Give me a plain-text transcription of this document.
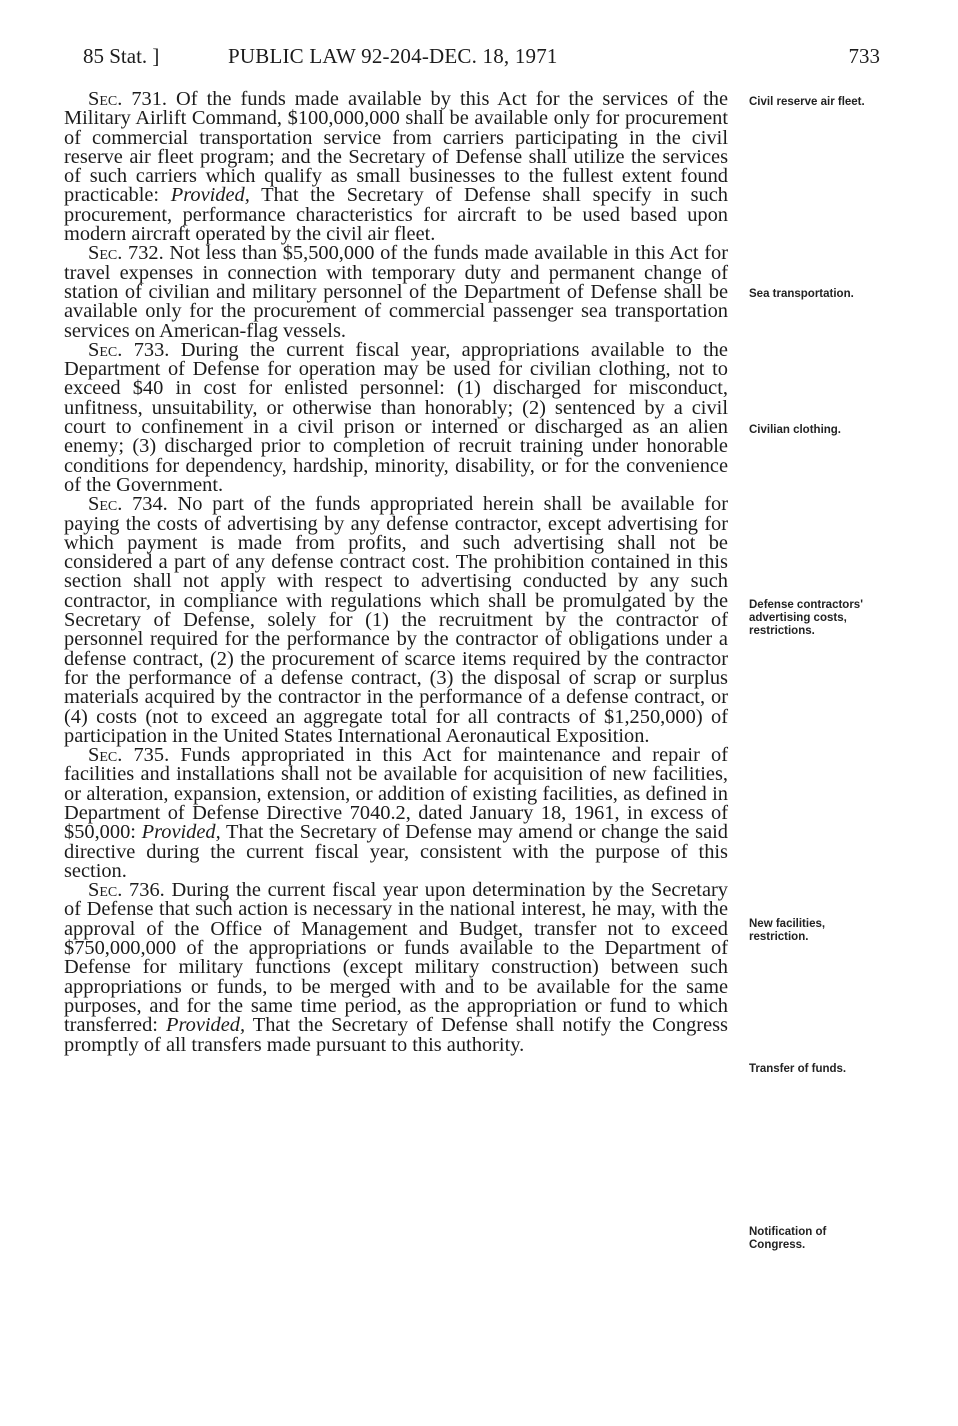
85 Stat. ]	PUBLIC LAW 92-204-DEC. 18, 1971	733

Sec. 731. Of the funds made available by this Act for the services of the Military Airlift Command, $100,000,000 shall be available only for procurement of commercial transportation service from carriers participating in the civil reserve air fleet program; and the Secretary of Defense shall utilize the services of such carriers which qualify as small businesses to the fullest extent found practicable: Provided, That the Secretary of Defense shall specify in such procurement, performance characteristics for aircraft to be used based upon modern aircraft operated by the civil air fleet.

Sec. 732. Not less than $5,500,000 of the funds made available in this Act for travel expenses in connection with temporary duty and permanent change of station of civilian and military personnel of the Department of Defense shall be available only for the procurement of commercial passenger sea transportation services on American-flag vessels.

Sec. 733. During the current fiscal year, appropriations available to the Department of Defense for operation may be used for civilian clothing, not to exceed $40 in cost for enlisted personnel: (1) discharged for misconduct, unfitness, unsuitability, or otherwise than honorably; (2) sentenced by a civil court to confinement in a civil prison or interned or discharged as an alien enemy; (3) discharged prior to completion of recruit training under honorable conditions for dependency, hardship, minority, disability, or for the convenience of the Government.

Sec. 734. No part of the funds appropriated herein shall be available for paying the costs of advertising by any defense contractor, except advertising for which payment is made from profits, and such advertising shall not be considered a part of any defense contract cost. The prohibition contained in this section shall not apply with respect to advertising conducted by any such contractor, in compliance with regulations which shall be promulgated by the Secretary of Defense, solely for (1) the recruitment by the contractor of personnel required for the performance by the contractor of obligations under a defense contract, (2) the procurement of scarce items required by the contractor for the performance of a defense contract, (3) the disposal of scrap or surplus materials acquired by the contractor in the performance of a defense contract, or (4) costs (not to exceed an aggregate total for all contracts of $1,250,000) of participation in the United States International Aeronautical Exposition.

Sec. 735. Funds appropriated in this Act for maintenance and repair of facilities and installations shall not be available for acquisition of new facilities, or alteration, expansion, extension, or addition of existing facilities, as defined in Department of Defense Directive 7040.2, dated January 18, 1961, in excess of $50,000: Provided, That the Secretary of Defense may amend or change the said directive during the current fiscal year, consistent with the purpose of this section.

Sec. 736. During the current fiscal year upon determination by the Secretary of Defense that such action is necessary in the national interest, he may, with the approval of the Office of Management and Budget, transfer not to exceed $750,000,000 of the appropriations or funds available to the Department of Defense for military functions (except military construction) between such appropriations or funds, to be merged with and to be available for the same purposes, and for the same time period, as the appropriation or fund to which transferred: Provided, That the Secretary of Defense shall notify the Congress promptly of all transfers made pursuant to this authority.

Civil reserve air fleet.
Sea transportation.
Civilian clothing.
Defense contractors' advertising costs, restrictions.
New facilities, restriction.
Transfer of funds.
Notification of Congress.
